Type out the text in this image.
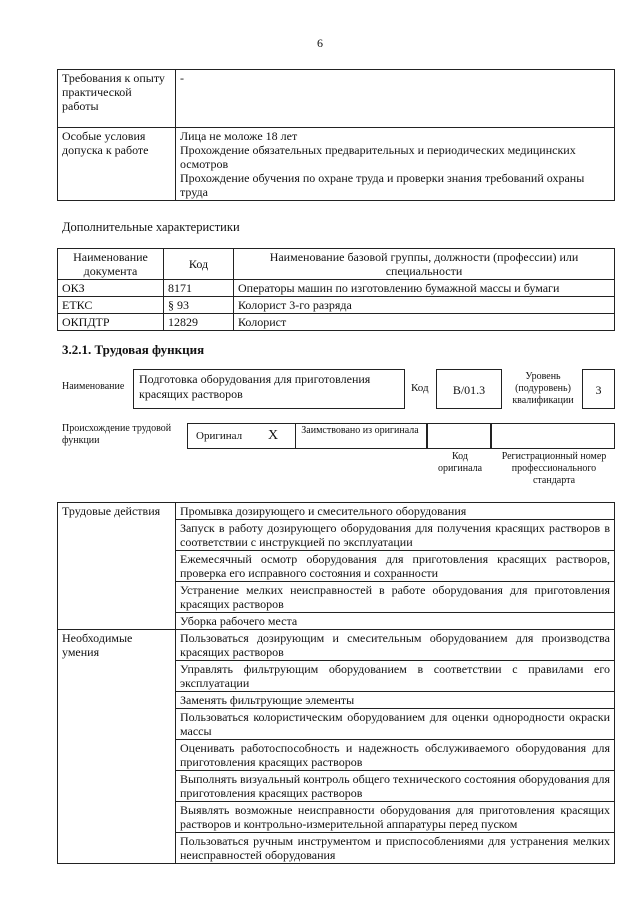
6
Требования к опыту практической работы	-

Особые условия допуска к работе	Лица не моложе 18 лет

Прохождение обязательных предварительных и периодических медицинских осмотров

Прохождение обучения по охране труда и проверки знания требований охраны труда

Дополнительные характеристики
Наименование документа	Код	Наименование базовой группы, должности (профессии) или специальности
ОКЗ	8171	Операторы машин по изготовлению бумажной массы и бумаги
ЕТКС	§ 93	Колорист 3-го разряда
ОКПДТР	12829	Колорист
3.2.1. Трудовая функция
Наименование
Подготовка оборудования для приготовления красящих растворов	Код	В/01.3
Уровень (подуровень) квалификации
3
Происхождение трудовой функции	Оригинал X Заимствовано из оригинала
Код оригинала
Регистрационный номер профессионального стандарта
Трудовые действия	Промывка дозирующего и смесительного оборудования
	Запуск в работу дозирующего оборудования для получения красящих растворов в соответствии с инструкцией по эксплуатации
	Ежемесячный осмотр оборудования для приготовления красящих растворов, проверка его исправного состояния и сохранности
	Устранение мелких неисправностей в работе оборудования для приготовления красящих растворов
	Уборка рабочего места
Необходимые умения	Пользоваться дозирующим и смесительным оборудованием для производства красящих растворов
	Управлять фильтрующим оборудованием в соответствии с правилами его эксплуатации
	Заменять фильтрующие элементы
	Пользоваться колористическим оборудованием для оценки однородности окраски массы
	Оценивать работоспособность и надежность обслуживаемого оборудования для приготовления красящих растворов
	Выполнять визуальный контроль общего технического состояния оборудования для приготовления красящих растворов
	Выявлять возможные неисправности оборудования для приготовления красящих растворов и контрольно-измерительной аппаратуры перед пуском
	Пользоваться ручным инструментом и приспособлениями для устранения мелких неисправностей оборудования
